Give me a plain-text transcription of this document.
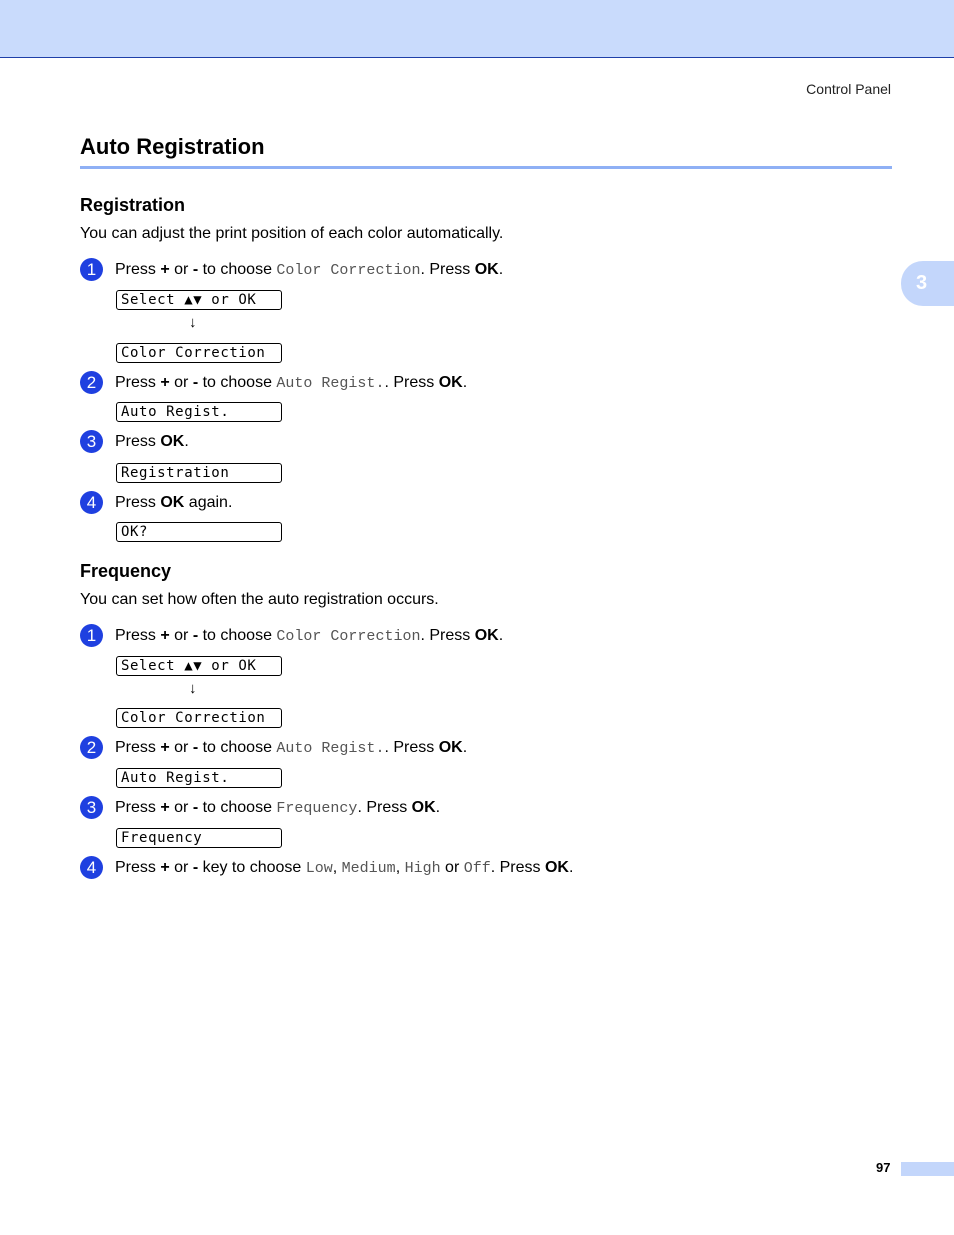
Control Panel
3
Auto Registration
Registration

You can adjust the print position of each color automatically.

1	Press + or - to choose Color Correction. Press OK.
Select ▲▼ or OK
↓
Color Correction
2	Press + or - to choose Auto Regist.. Press OK.
Auto Regist.
3	Press OK.
Registration
4	Press OK again.
OK?
Frequency

You can set how often the auto registration occurs.

1	Press + or - to choose Color Correction. Press OK.
Select ▲▼ or OK
↓
Color Correction
2	Press + or - to choose Auto Regist.. Press OK.
Auto Regist.
3	Press + or - to choose Frequency. Press OK.
Frequency
4	Press + or - key to choose Low, Medium, High or Off. Press OK.
97
